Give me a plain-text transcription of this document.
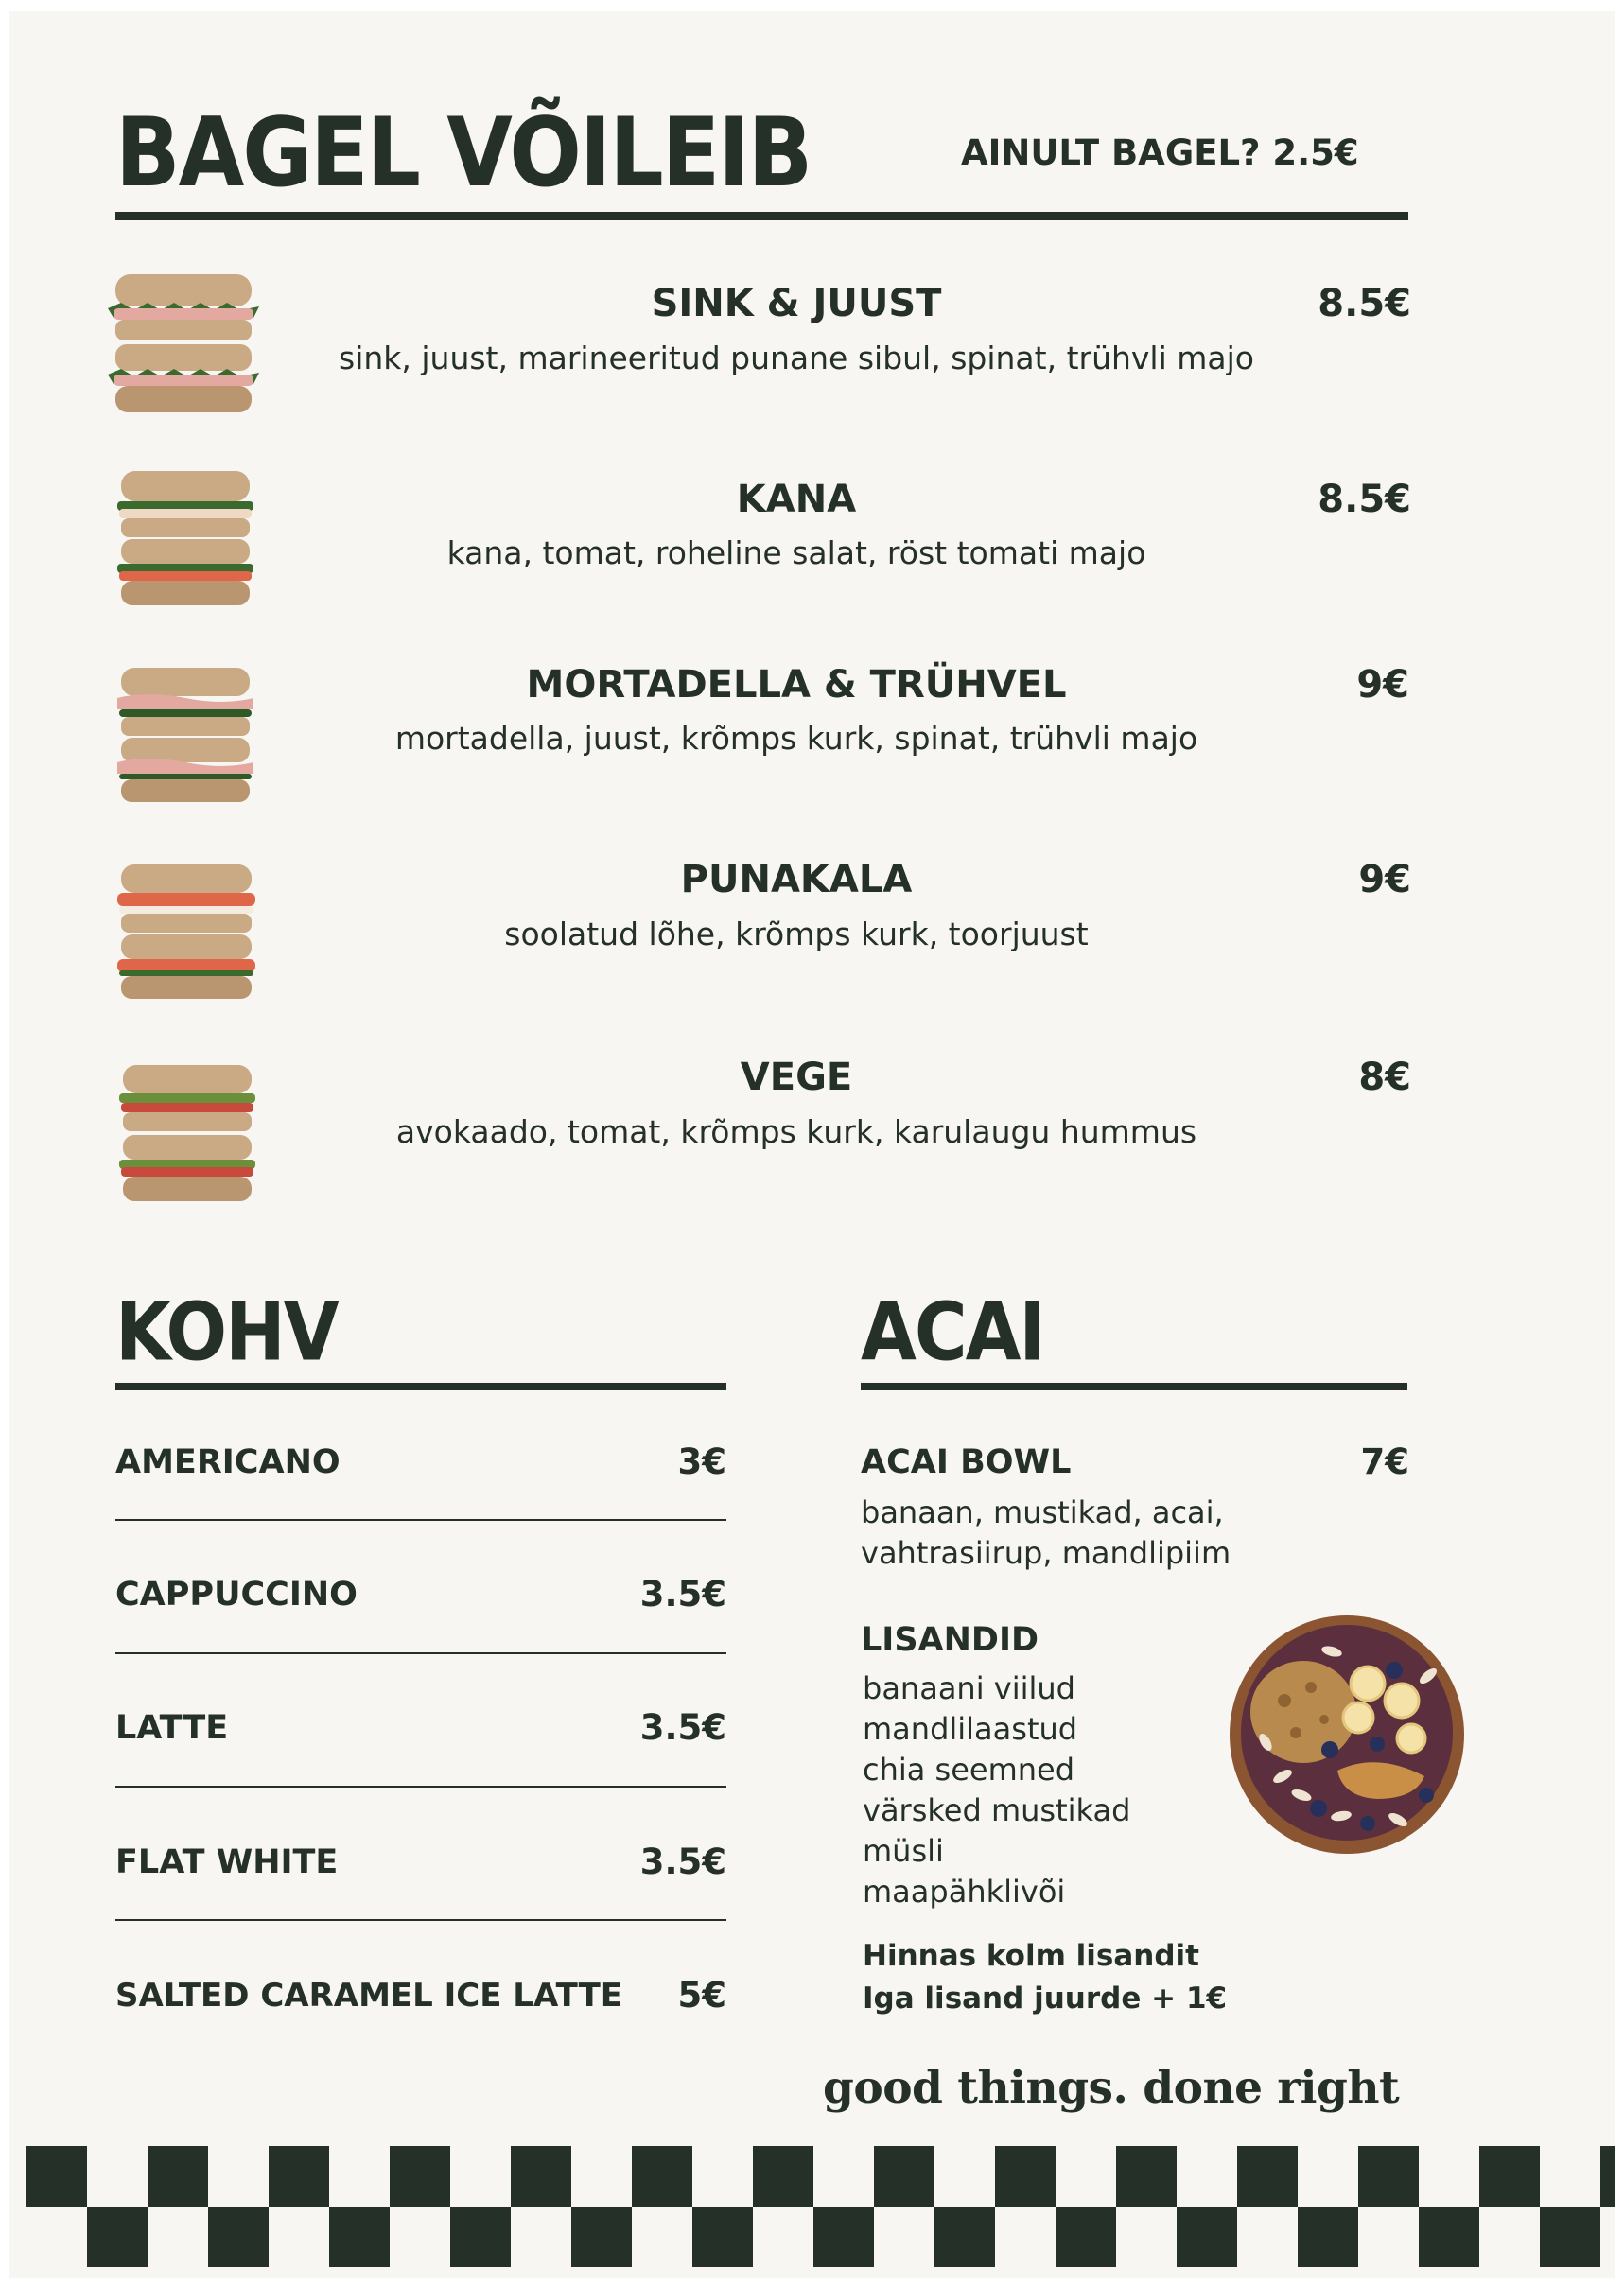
BAGEL VÕILEIB	AINULT BAGEL? 2.5€
SINK & JUUST	8.5€
sink, juust, marineeritud punane sibul, spinat, trühvli majo
KANA	8.5€
kana, tomat, roheline salat, röst tomati majo
MORTADELLA & TRÜHVEL	9€
mortadella, juust, krõmps kurk, spinat, trühvli majo
PUNAKALA	9€
soolatud lõhe, krõmps kurk, toorjuust
VEGE	8€
avokaado, tomat, krõmps kurk, karulaugu hummus
KOHV
AMERICANO	3€
CAPPUCCINO	3.5€
LATTE	3.5€
FLAT WHITE	3.5€
SALTED CARAMEL ICE LATTE	5€
ACAI
ACAI BOWL	7€
banaan, mustikad, acai,
vahtrasiirup, mandlipiim
LISANDID
banaani viilud
mandlilaastud
chia seemned
värsked mustikad
müsli
maapähklivõi
Hinnas kolm lisandit
Iga lisand juurde + 1€
good things. done right
